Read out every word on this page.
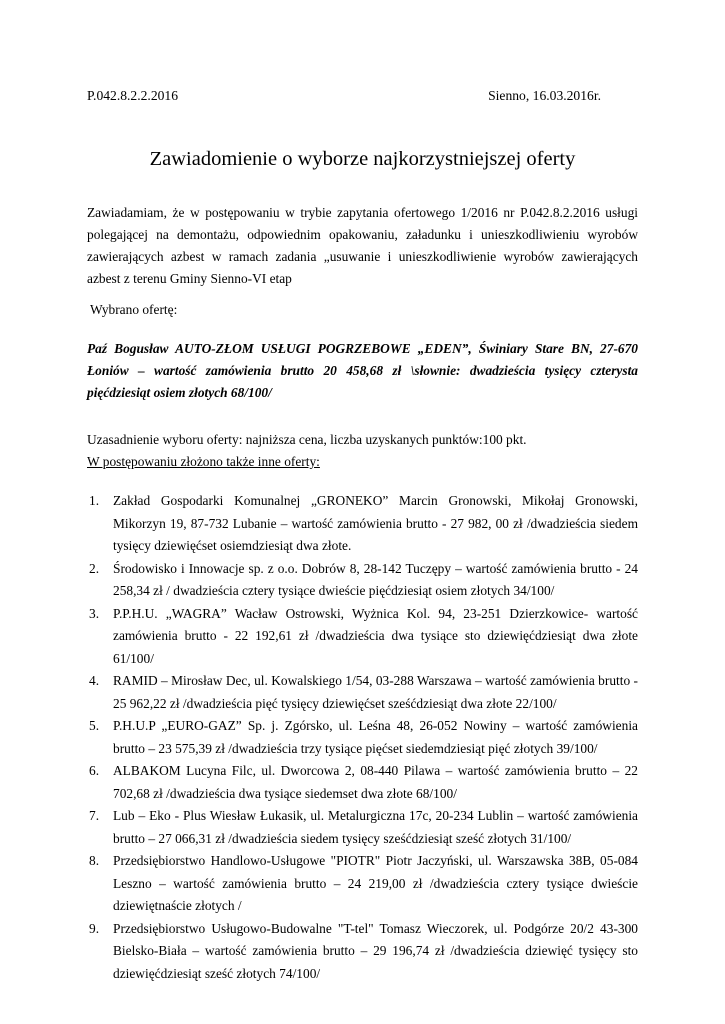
P.042.8.2.2.2016	Sienno, 16.03.2016r.
Zawiadomienie o wyborze najkorzystniejszej oferty

Zawiadamiam, że w postępowaniu w trybie zapytania ofertowego 1/2016 nr P.042.8.2.2016 usługi polegającej na demontażu, odpowiednim opakowaniu, załadunku i unieszkodliwieniu wyrobów zawierających azbest w ramach zadania „usuwanie i unieszkodliwienie wyrobów zawierających azbest z terenu Gminy Sienno-VI etap

Wybrano ofertę:

Paź Bogusław AUTO-ZŁOM USŁUGI POGRZEBOWE „EDEN”, Świniary Stare BN, 27-670 Łoniów – wartość zamówienia brutto 20 458,68 zł \słownie: dwadzieścia tysięcy czterysta pięćdziesiąt osiem złotych 68/100/

Uzasadnienie wyboru oferty: najniższa cena, liczba uzyskanych punktów:100 pkt.
W postępowaniu złożono także inne oferty:
1. Zakład Gospodarki Komunalnej „GRONEKO” Marcin Gronowski, Mikołaj Gronowski, Mikorzyn 19, 87-732 Lubanie – wartość zamówienia brutto - 27 982, 00 zł /dwadzieścia siedem tysięcy dziewięćset osiemdziesiąt dwa złote.
2. Środowisko i Innowacje sp. z o.o. Dobrów 8, 28-142 Tuczępy – wartość zamówienia brutto - 24 258,34 zł / dwadzieścia cztery tysiące dwieście pięćdziesiąt osiem złotych 34/100/
3. P.P.H.U. „WAGRA” Wacław Ostrowski, Wyżnica Kol. 94, 23-251 Dzierzkowice- wartość zamówienia brutto - 22 192,61 zł /dwadzieścia dwa tysiące sto dziewięćdziesiąt dwa złote 61/100/
4. RAMID – Mirosław Dec, ul. Kowalskiego 1/54, 03-288 Warszawa – wartość zamówienia brutto - 25 962,22 zł /dwadzieścia pięć tysięcy dziewięćset sześćdziesiąt dwa złote 22/100/
5. P.H.U.P „EURO-GAZ” Sp. j. Zgórsko, ul. Leśna 48, 26-052 Nowiny – wartość zamówienia brutto – 23 575,39 zł /dwadzieścia trzy tysiące pięćset siedemdziesiąt pięć złotych 39/100/
6. ALBAKOM Lucyna Filc, ul. Dworcowa 2, 08-440 Pilawa – wartość zamówienia brutto – 22 702,68 zł /dwadzieścia dwa tysiące siedemset dwa złote 68/100/
7. Lub – Eko - Plus Wiesław Łukasik, ul. Metalurgiczna 17c, 20-234 Lublin – wartość zamówienia brutto – 27 066,31 zł /dwadzieścia siedem tysięcy sześćdziesiąt sześć złotych 31/100/
8. Przedsiębiorstwo Handlowo-Usługowe "PIOTR" Piotr Jaczyński, ul. Warszawska 38B, 05-084 Leszno – wartość zamówienia brutto – 24 219,00 zł /dwadzieścia cztery tysiące dwieście dziewiętnaście złotych /
9. Przedsiębiorstwo Usługowo-Budowalne "T-tel" Tomasz Wieczorek, ul. Podgórze 20/2 43-300 Bielsko-Biała – wartość zamówienia brutto – 29 196,74 zł /dwadzieścia dziewięć tysięcy sto dziewięćdziesiąt sześć złotych 74/100/
